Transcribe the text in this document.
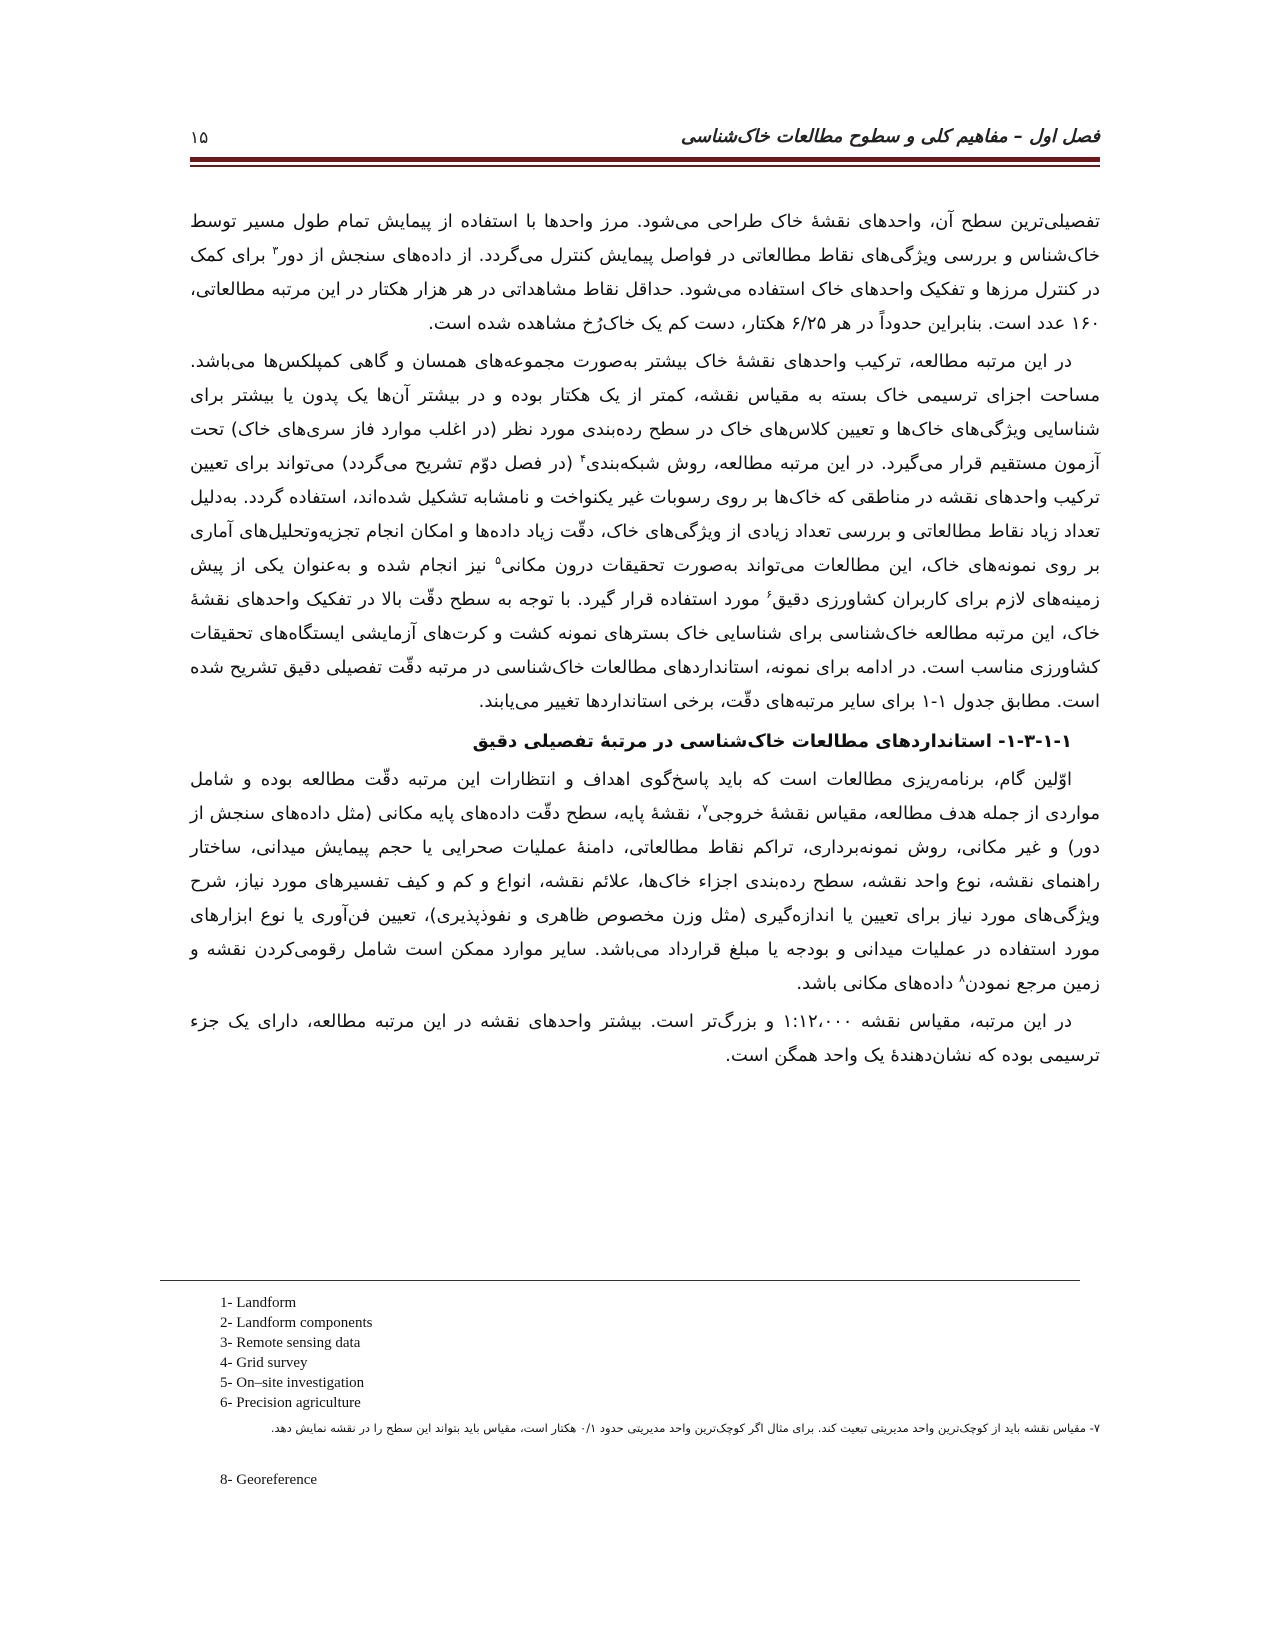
۱۵	فصل اول – مفاهیم کلی و سطوح مطالعات خاک‌شناسی

تفصیلی‌ترین سطح آن، واحدهای نقشهٔ خاک طراحی می‌شود. مرز واحدها با استفاده از پیمایش تمام طول مسیر توسط خاک‌شناس و بررسی ویژگی‌های نقاط مطالعاتی در فواصل پیمایش کنترل می‌گردد. از داده‌های سنجش از دور$^۳$ برای کمک در کنترل مرزها و تفکیک واحدهای خاک استفاده می‌شود. حداقل نقاط مشاهداتی در هر هزار هکتار در این مرتبه مطالعاتی، ۱۶۰ عدد است. بنابراین حدوداً در هر ۶/۲۵ هکتار، دست کم یک خاک‌رُخ مشاهده شده است.

در این مرتبه مطالعه، ترکیب واحدهای نقشهٔ خاک بیشتر به‌صورت مجموعه‌های همسان و گاهی کمپلکس‌ها می‌باشد. مساحت اجزای ترسیمی خاک بسته به مقیاس نقشه، کمتر از یک هکتار بوده و در بیشتر آن‌ها یک پدون یا بیشتر برای شناسایی ویژگی‌های خاک‌ها و تعیین کلاس‌های خاک در سطح رده‌بندی مورد نظر (در اغلب موارد فاز سری‌های خاک) تحت آزمون مستقیم قرار می‌گیرد. در این مرتبه مطالعه، روش شبکه‌بندی$^۴$ (در فصل دوّم تشریح می‌گردد) می‌تواند برای تعیین ترکیب واحدهای نقشه در مناطقی که خاک‌ها بر روی رسوبات غیر یکنواخت و نامشابه تشکیل شده‌اند، استفاده گردد. به‌دلیل تعداد زیاد نقاط مطالعاتی و بررسی تعداد زیادی از ویژگی‌های خاک، دقّت زیاد داده‌ها و امکان انجام تجزیه‌وتحلیل‌های آماری بر روی نمونه‌های خاک، این مطالعات می‌تواند به‌صورت تحقیقات درون مکانی$^۵$ نیز انجام شده و به‌عنوان یکی از پیش زمینه‌های لازم برای کاربران کشاورزی دقیق$^۶$ مورد استفاده قرار گیرد. با توجه به سطح دقّت بالا در تفکیک واحدهای نقشهٔ خاک، این مرتبه مطالعه خاک‌شناسی برای شناسایی خاک بسترهای نمونه کشت و کرت‌های آزمایشی ایستگاه‌های تحقیقات کشاورزی مناسب است. در ادامه برای نمونه، استانداردهای مطالعات خاک‌شناسی در مرتبه دقّت تفصیلی دقیق تشریح شده است. مطابق جدول ۱-۱ برای سایر مرتبه‌های دقّت، برخی استانداردها تغییر می‌یابند.

۱-۳-۱-۱- استانداردهای مطالعات خاک‌شناسی در مرتبهٔ تفصیلی دقیق

اوّلین گام، برنامه‌ریزی مطالعات است که باید پاسخ‌گوی اهداف و انتظارات این مرتبه دقّت مطالعه بوده و شامل مواردی از جمله هدف مطالعه، مقیاس نقشهٔ خروجی$^۷$، نقشهٔ پایه، سطح دقّت داده‌های پایه مکانی (مثل داده‌های سنجش از دور) و غیر مکانی، روش نمونه‌برداری، تراکم نقاط مطالعاتی، دامنهٔ عملیات صحرایی یا حجم پیمایش میدانی، ساختار راهنمای نقشه، نوع واحد نقشه، سطح رده‌بندی اجزاء خاک‌ها، علائم نقشه، انواع و کم و کیف تفسیرهای مورد نیاز، شرح ویژگی‌های مورد نیاز برای تعیین یا اندازه‌گیری (مثل وزن مخصوص ظاهری و نفوذپذیری)، تعیین فن‌آوری یا نوع ابزارهای مورد استفاده در عملیات میدانی و بودجه یا مبلغ قرارداد می‌باشد. سایر موارد ممکن است شامل رقومی‌کردن نقشه و زمین مرجع نمودن$^۸$ داده‌های مکانی باشد.

در این مرتبه، مقیاس نقشه ۱:۱۲،۰۰۰ و بزرگ‌تر است. بیشتر واحدهای نقشه در این مرتبه مطالعه، دارای یک جزء ترسیمی بوده که نشان‌دهندهٔ یک واحد همگن است.

1- Landform
2- Landform components
3- Remote sensing data
4- Grid survey
5- On–site investigation
6- Precision agriculture
۷- مقیاس نقشه باید از کوچک‌ترین واحد مدیریتی تبعیت کند. برای مثال اگر کوچک‌ترین واحد مدیریتی حدود ۰/۱ هکتار است، مقیاس باید بتواند این سطح را در نقشه نمایش دهد.
8- Georeference
